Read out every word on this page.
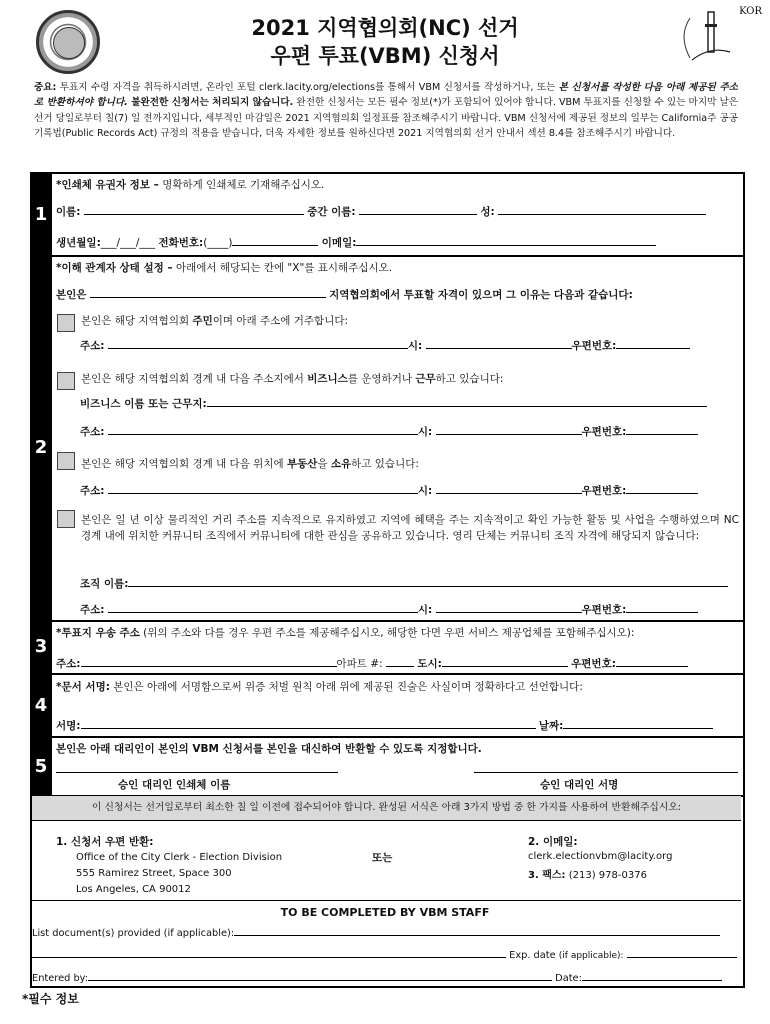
2021 지역협의회(NC) 선거
우편 투표(VBM) 신청서
KOR
중요: 투표지 수령 자격을 취득하시려면, 온라인 포털 clerk.lacity.org/elections를 통해서 VBM 신청서를 작성하거나, 또는 본 신청서를 작성한 다음 아래 제공된 주소로 반환하셔야 합니다. 불완전한 신청서는 처리되지 않습니다. 완전한 신청서는 모든 필수 정보(*)가 포함되어 있어야 합니다. VBM 투표지를 신청할 수 있는 마지막 날은 선거 당일로부터 칠(7) 일 전까지입니다, 세부적인 마감일은 2021 지역협의회 일정표를 참조해주시기 바랍니다. VBM 신청서에 제공된 정보의 일부는 California주 공공 기록법(Public Records Act) 규정의 적용을 받습니다, 더욱 자세한 정보를 원하신다면 2021 지역협의회 선거 안내서 섹션 8.4를 참조해주시기 바랍니다.
1
2
3
4
5
*인쇄체 유권자 정보 – 명확하게 인쇄체로 기재해주십시오.
이름:	중간 이름:	성:
생년월일:___/___/___ 전화번호:(____)	이메일:
*이해 관계자 상태 설정 – 아래에서 해당되는 칸에 "X"를 표시해주십시오.
본인은	지역협의회에서 투표할 자격이 있으며 그 이유는 다음과 같습니다:
본인은 해당 지역협의회 주민이며 아래 주소에 거주합니다:
주소:	시:	우편번호:
본인은 해당 지역협의회 경계 내 다음 주소지에서 비즈니스를 운영하거나 근무하고 있습니다:
비즈니스 이름 또는 근무지:
주소:	시:	우편번호:
본인은 해당 지역협의회 경계 내 다음 위치에 부동산을 소유하고 있습니다:
주소:	시:	우편번호:
본인은 일 년 이상 물리적인 거리 주소를 지속적으로 유지하였고 지역에 혜택을 주는 지속적이고 확인 가능한 활동 및 사업을 수행하였으며 NC 경계 내에 위치한 커뮤니티 조직에서 커뮤니티에 대한 관심을 공유하고 있습니다. 영리 단체는 커뮤니티 조직 자격에 해당되지 않습니다:
조직 이름:
주소:	시:	우편번호:
*투표지 우송 주소 (위의 주소와 다를 경우 우편 주소를 제공해주십시오, 해당한 다면 우편 서비스 제공업체를 포함해주십시오):
주소:	아파트 #:	도시:	우편번호:
*문서 서명: 본인은 아래에 서명함으로써 위증 처벌 원칙 아래 위에 제공된 진술은 사실이며 정확하다고 선언합니다:
서명:	날짜:
본인은 아래 대리인이 본인의 VBM 신청서를 본인을 대신하여 반환할 수 있도록 지정합니다.
승인 대리인 인쇄체 이름	승인 대리인 서명
이 신청서는 선거일로부터 최소한 칠 일 이전에 접수되어야 합니다. 완성된 서식은 아래 3가지 방법 중 한 가지를 사용하여 반환해주십시오:
1. 신청서 우편 반환:
Office of the City Clerk - Election Division
555 Ramirez Street, Space 300
Los Angeles, CA 90012
또는
2. 이메일:
clerk.electionvbm@lacity.org
3. 팩스: (213) 978-0376
TO BE COMPLETED BY VBM STAFF
List document(s) provided (if applicable):
Exp. date (if applicable):
Entered by:	Date:
*필수 정보
